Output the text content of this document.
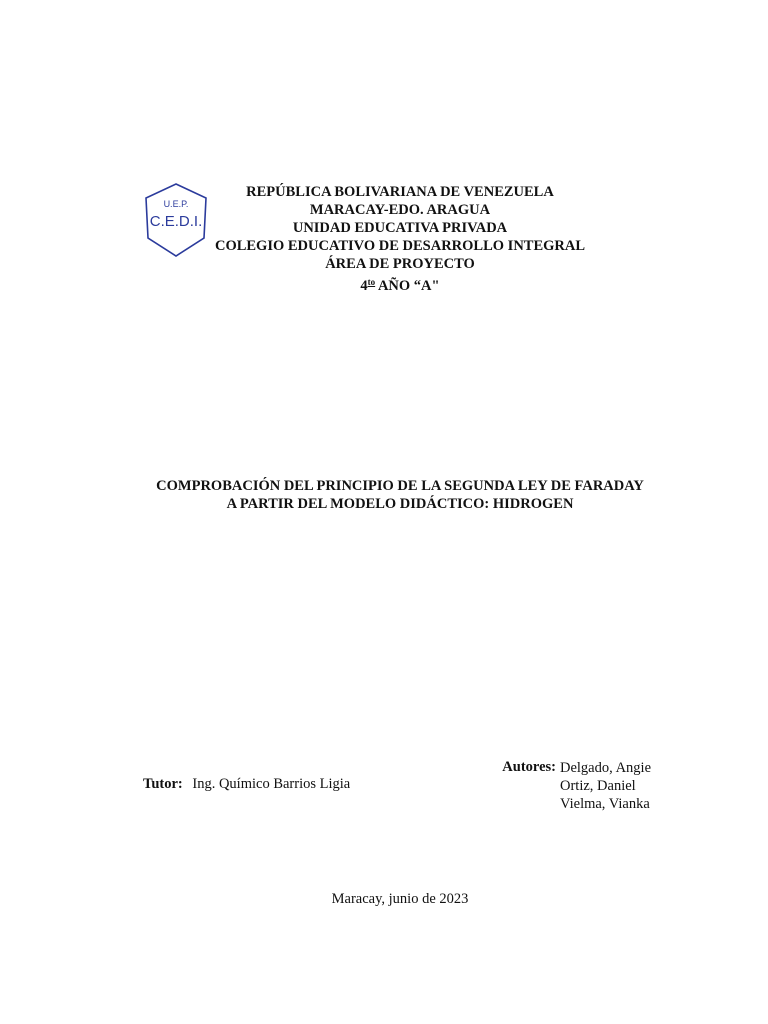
U.E.P.
C.E.D.I.
REPÚBLICA BOLIVARIANA DE VENEZUELA
MARACAY-EDO. ARAGUA
UNIDAD EDUCATIVA PRIVADA
COLEGIO EDUCATIVO DE DESARROLLO INTEGRAL
ÁREA DE PROYECTO
$4^{to}$ AÑO “A"
COMPROBACIÓN DEL PRINCIPIO DE LA SEGUNDA LEY DE FARADAY
A PARTIR DEL MODELO DIDÁCTICO: HIDROGEN
Tutor: Ing. Químico Barrios Ligia
Autores: Delgado, Angie
Ortiz, Daniel
Vielma, Vianka
Maracay, junio de 2023
